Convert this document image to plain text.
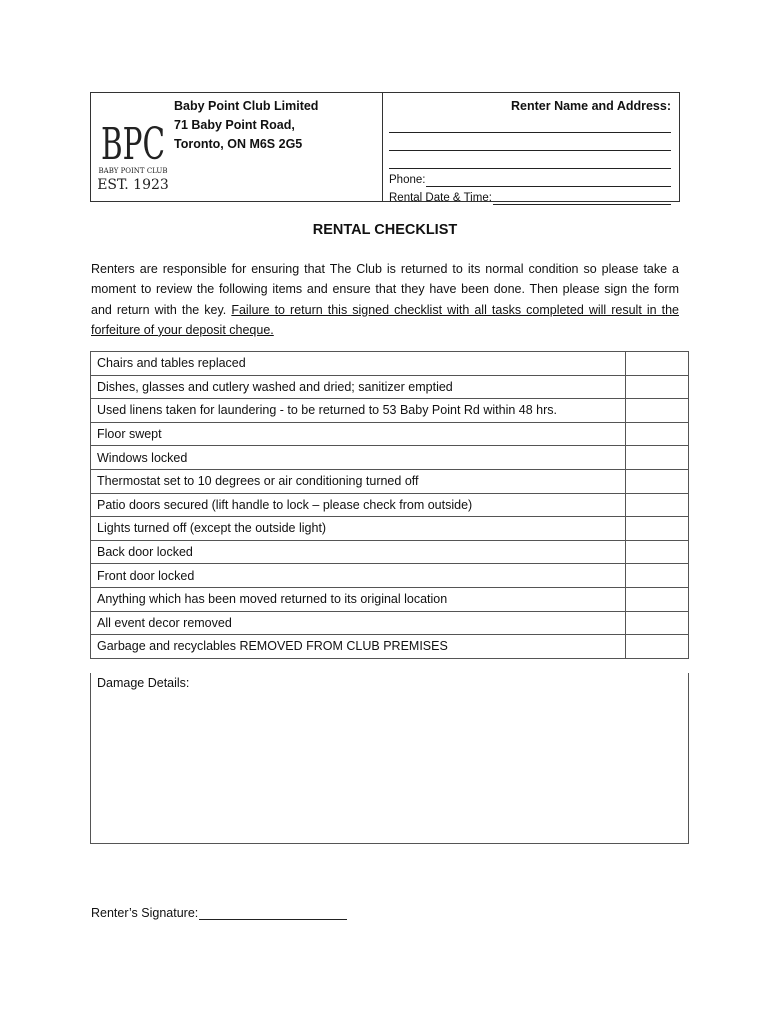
BPC
BABY POINT CLUB
EST. 1923
Baby Point Club Limited
71 Baby Point Road,
Toronto, ON M6S 2G5
Renter Name and Address:
Phone:
Rental Date & Time:
RENTAL CHECKLIST
Renters are responsible for ensuring that The Club is returned to its normal condition so please take a moment to review the following items and ensure that they have been done. Then please sign the form and return with the key. Failure to return this signed checklist with all tasks completed will result in the forfeiture of your deposit cheque.
Chairs and tables replaced	
Dishes, glasses and cutlery washed and dried; sanitizer emptied	
Used linens taken for laundering - to be returned to 53 Baby Point Rd within 48 hrs.	
Floor swept	
Windows locked	
Thermostat set to 10 degrees or air conditioning turned off	
Patio doors secured (lift handle to lock – please check from outside)	
Lights turned off (except the outside light)	
Back door locked	
Front door locked	
Anything which has been moved returned to its original location	
All event decor removed	
Garbage and recyclables REMOVED FROM CLUB PREMISES	
Damage Details:
Renter’s Signature:
